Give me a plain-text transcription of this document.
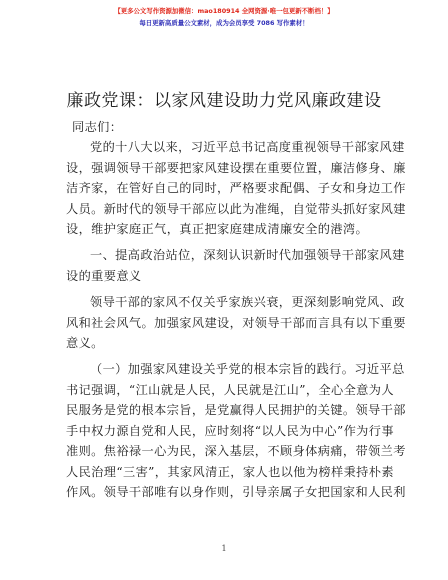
【更多公文写作资源加微信：mao180914 全网资源·唯一包更新不断档！】
每日更新高质量公文素材，成为会员享受 7086 写作素材！
廉政党课：以家风建设助力党风廉政建设
同志们：

党的十八大以来，习近平总书记高度重视领导干部家风建
设，强调领导干部要把家风建设摆在重要位置，廉洁修身、廉
洁齐家，在管好自己的同时，严格要求配偶、子女和身边工作
人员。新时代的领导干部应以此为准绳，自觉带头抓好家风建
设，维护家庭正气，真正把家庭建成清廉安全的港湾。

一、提高政治站位，深刻认识新时代加强领导干部家风建
设的重要意义

领导干部的家风不仅关乎家族兴衰，更深刻影响党风、政
风和社会风气。加强家风建设，对领导干部而言具有以下重要
意义。

（一）加强家风建设关乎党的根本宗旨的践行。习近平总
书记强调，“江山就是人民，人民就是江山”，全心全意为人
民服务是党的根本宗旨，是党赢得人民拥护的关键。领导干部
手中权力源自党和人民，应时刻将“以人民为中心”作为行事
准则。焦裕禄一心为民，深入基层，不顾身体病痛，带领兰考
人民治理“三害”，其家风清正，家人也以他为榜样秉持朴素
作风。领导干部唯有以身作则，引导亲属子女把国家和人民利

1
